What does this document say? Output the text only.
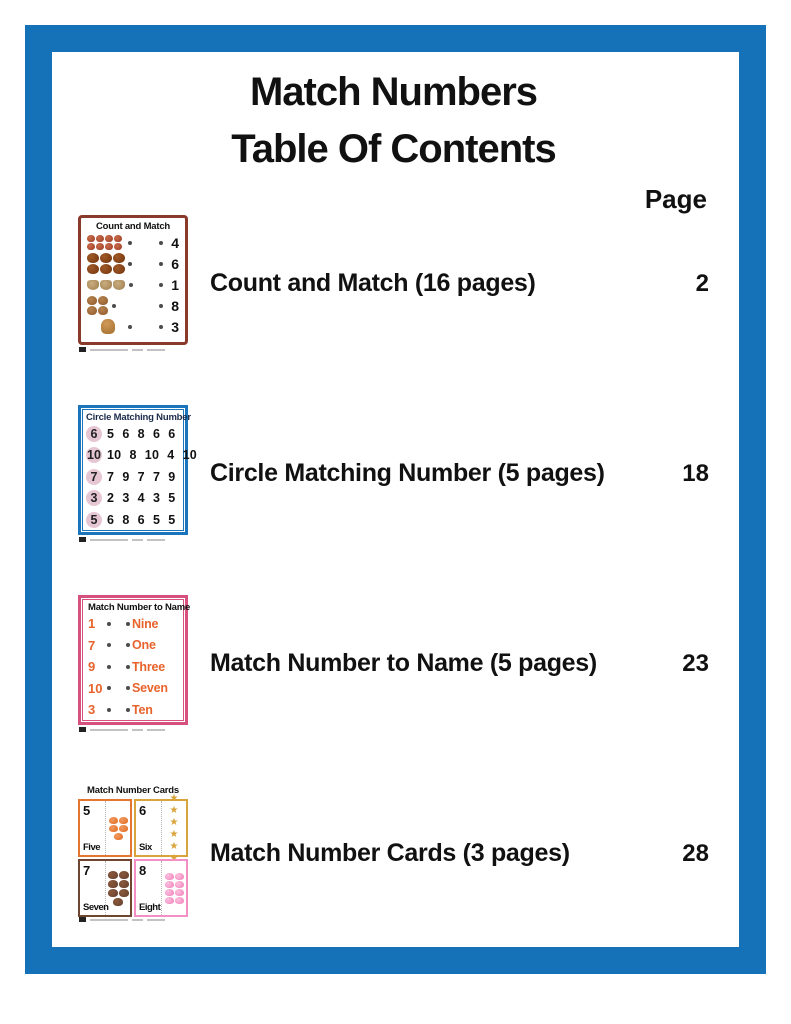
Match Numbers
Table Of Contents
Page
Count and Match
4
6
1
8
3
Count and Match (16 pages)	2
Circle Matching Number
6 5 6 8 6 6
10 10 8 10 4 10
7 7 9 7 7 9
3 2 3 4 3 5
5 6 8 6 5 5
Circle Matching Number (5 pages)	18
Match Number to Name
1	Nine
7	One
9	Three
10 Seven
3	Ten
Match Number to Name (5 pages)	23
Match Number Cards
5
Five
6
Six
★
★
★
★
★
★
7
Seven
8
Eight
Match Number Cards (3 pages)	28
